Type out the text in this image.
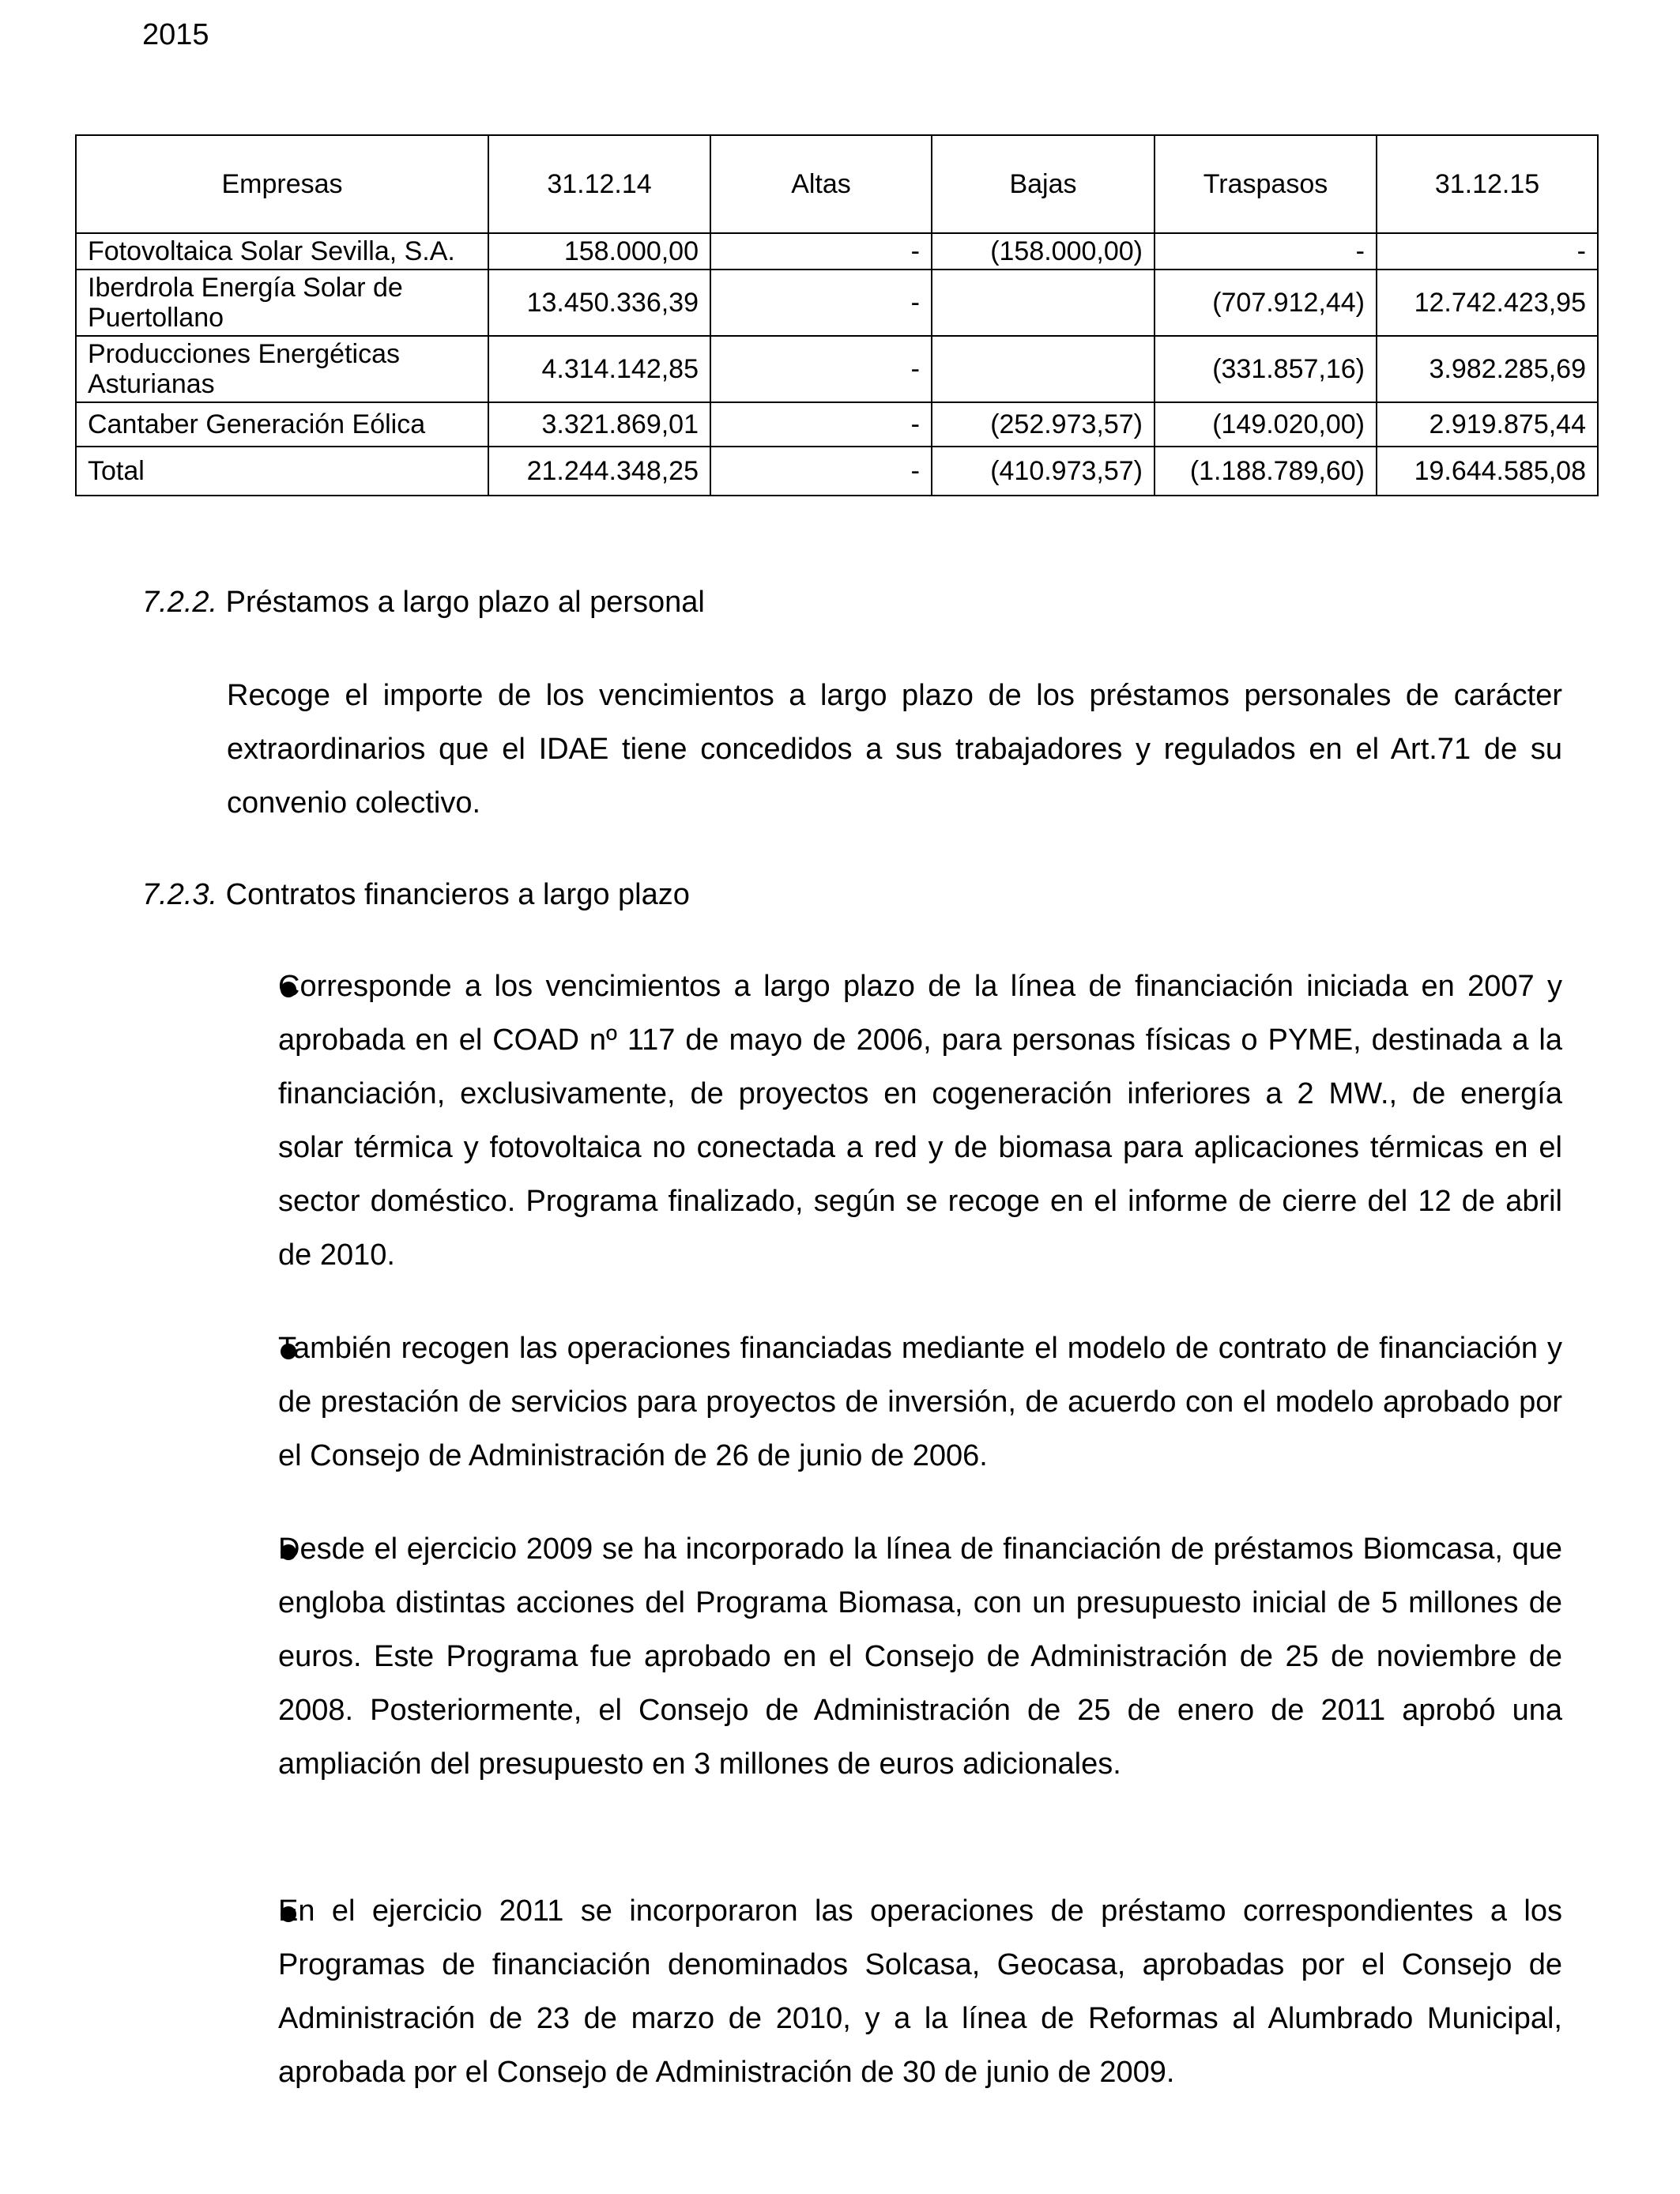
2015
Empresas	31.12.14	Altas	Bajas	Traspasos	31.12.15
Fotovoltaica Solar Sevilla, S.A.	158.000,00	-	(158.000,00)	-	-
Iberdrola Energía Solar de Puertollano	13.450.336,39	-		(707.912,44)	12.742.423,95
Producciones Energéticas Asturianas	4.314.142,85	-		(331.857,16)	3.982.285,69
Cantaber Generación Eólica	3.321.869,01	-	(252.973,57)	(149.020,00)	2.919.875,44
Total	21.244.348,25	-	(410.973,57)	(1.188.789,60)	19.644.585,08
7.2.2. Préstamos a largo plazo al personal
Recoge el importe de los vencimientos a largo plazo de los préstamos personales de carácter extraordinarios que el IDAE tiene concedidos a sus trabajadores y regulados en el Art.71 de su convenio colectivo.
7.2.3. Contratos financieros a largo plazo
Corresponde a los vencimientos a largo plazo de la línea de financiación iniciada en 2007 y aprobada en el COAD nº 117 de mayo de 2006, para personas físicas o PYME, destinada a la financiación, exclusivamente, de proyectos en cogeneración inferiores a 2 MW., de energía solar térmica y fotovoltaica no conectada a red y de biomasa para aplicaciones térmicas en el sector doméstico. Programa finalizado, según se recoge en el informe de cierre del 12 de abril de 2010.
También recogen las operaciones financiadas mediante el modelo de contrato de financiación y de prestación de servicios para proyectos de inversión, de acuerdo con el modelo aprobado por el Consejo de Administración de 26 de junio de 2006.
Desde el ejercicio 2009 se ha incorporado la línea de financiación de préstamos Biomcasa, que engloba distintas acciones del Programa Biomasa, con un presupuesto inicial de 5 millones de euros. Este Programa fue aprobado en el Consejo de Administración de 25 de noviembre de 2008. Posteriormente, el Consejo de Administración de 25 de enero de 2011 aprobó una ampliación del presupuesto en 3 millones de euros adicionales.
En el ejercicio 2011 se incorporaron las operaciones de préstamo correspondientes a los Programas de financiación denominados Solcasa, Geocasa, aprobadas por el Consejo de Administración de 23 de marzo de 2010, y a la línea de Reformas al Alumbrado Municipal, aprobada por el Consejo de Administración de 30 de junio de 2009.
